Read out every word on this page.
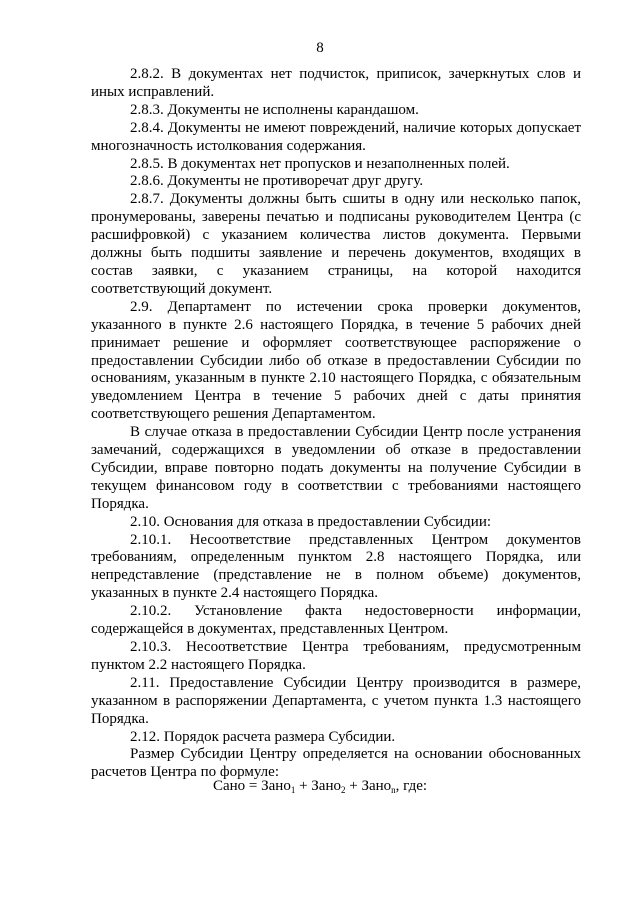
8

2.8.2. В документах нет подчисток, приписок, зачеркнутых слов и иных исправлений.

2.8.3. Документы не исполнены карандашом.

2.8.4. Документы не имеют повреждений, наличие которых допускает многозначность истолкования содержания.

2.8.5. В документах нет пропусков и незаполненных полей.

2.8.6. Документы не противоречат друг другу.

2.8.7. Документы должны быть сшиты в одну или несколько папок, пронумерованы, заверены печатью и подписаны руководителем Центра (с расшифровкой) с указанием количества листов документа. Первыми должны быть подшиты заявление и перечень документов, входящих в состав заявки, с указанием страницы, на которой находится соответствующий документ.

2.9. Департамент по истечении срока проверки документов, указанного в пункте 2.6 настоящего Порядка, в течение 5 рабочих дней принимает решение и оформляет соответствующее распоряжение о предоставлении Субсидии либо об отказе в предоставлении Субсидии по основаниям, указанным в пункте 2.10 настоящего Порядка, с обязательным уведомлением Центра в течение 5 рабочих дней с даты принятия соответствующего решения Департаментом.

В случае отказа в предоставлении Субсидии Центр после устранения замечаний, содержащихся в уведомлении об отказе в предоставлении Субсидии, вправе повторно подать документы на получение Субсидии в текущем финансовом году в соответствии с требованиями настоящего Порядка.

2.10. Основания для отказа в предоставлении Субсидии:

2.10.1. Несоответствие представленных Центром документов требованиям, определенным пунктом 2.8 настоящего Порядка, или непредставление (представление не в полном объеме) документов, указанных в пункте 2.4 настоящего Порядка.

2.10.2. Установление факта недостоверности информации, содержащейся в документах, представленных Центром.

2.10.3. Несоответствие Центра требованиям, предусмотренным пунктом 2.2 настоящего Порядка.

2.11. Предоставление Субсидии Центру производится в размере, указанном в распоряжении Департамента, с учетом пункта 1.3 настоящего Порядка.

2.12. Порядок расчета размера Субсидии.

Размер Субсидии Центру определяется на основании обоснованных расчетов Центра по формуле:

Сано = Зано$_1$ + Зано$_2$ + Зано$_n$, где:
